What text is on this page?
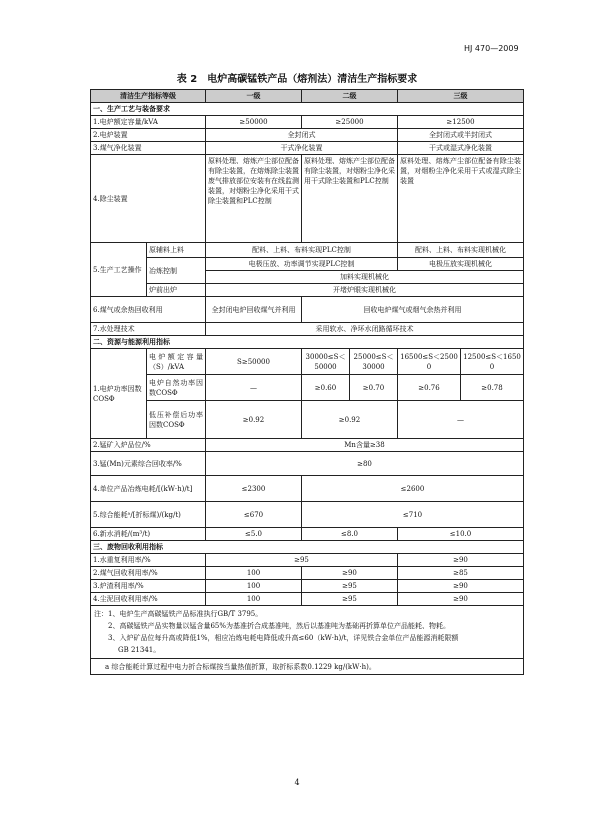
HJ 470—2009
表 2　电炉高碳锰铁产品（熔剂法）清洁生产指标要求
清洁生产指标等级		一级	二级		三级	
一、生产工艺与装备要求						
1.电炉额定容量/kVA		≥50000	≥25000		≥12500	
2.电炉装置		全封闭式			全封闭式或半封闭式	
3.煤气净化装置		干式净化装置			干式或湿式净化装置	
4.除尘装置		原料处理、熔炼产尘部位配备有除尘装置，在熔炼除尘装置废气排放部位安装有在线监测装置，对烟粉尘净化采用干式除尘装置和PLC控制	原料处理、熔炼产尘部位配备有除尘装置，对烟粉尘净化采用干式除尘装置和PLC控制		原料处理、熔炼产尘部位配备有除尘装置，对烟粉尘净化采用干式或湿式除尘装置	
5.生产工艺操作	原辅料上料	配料、上料、布料实现PLC控制			配料、上料、布料实现机械化	
	冶炼控制	电极压放、功率调节实现PLC控制			电极压放实现机械化	
		加料实现机械化				
	炉前出炉	开堵炉眼实现机械化				
6.煤气或余热回收利用		全封闭电炉回收煤气并利用	回收电炉煤气或烟气余热并利用			
7.水处理技术		采用软水、净环水闭路循环技术				
二、资源与能源利用指标						
1.电炉功率因数COSΦ	电炉额定容量（S）/kVA	S≥50000	30000≤S＜50000	25000≤S＜30000	16500≤S＜25000	12500≤S＜16500
	电炉自然功率因数COSΦ	—	≥0.60	≥0.70	≥0.76	≥0.78
	低压补偿后功率因数COSΦ	≥0.92	≥0.92		—	
2.锰矿入炉品位/%		Mn含量≥38				
3.锰(Mn)元素综合回收率/%		≥80				
4.单位产品冶炼电耗/[(kW·h)/t]		≤2300	≤2600			
5.综合能耗ᵃ/[折标煤)/(kg/t)		≤670	≤710			
6.新水消耗/(m³/t)		≤5.0	≤8.0		≤10.0	
三、废物回收利用指标						
1.水重复利用率/%		≥95			≥90	
2.煤气回收利用率/%		100	≥90		≥85	
3.炉渣利用率/%		100	≥95		≥90	
4.尘泥回收利用率/%		100	≥95		≥90	

注：1、电炉生产高碳锰铁产品标准执行GB/T 3795。
2、高碳锰铁产品实物量以锰含量65%为基准折合成基准吨，然后以基准吨为基础再折算单位产品能耗、物耗。
3、入炉矿品位每升高或降低1%，相应冶炼电耗电降低或升高≤60（kW·h)/t，详见铁合金单位产品能源消耗限额
GB 21341。						

a 综合能耗计算过程中电力折合标煤按当量热值折算，取折标系数0.1229 kg/(kW·h)。						
4
